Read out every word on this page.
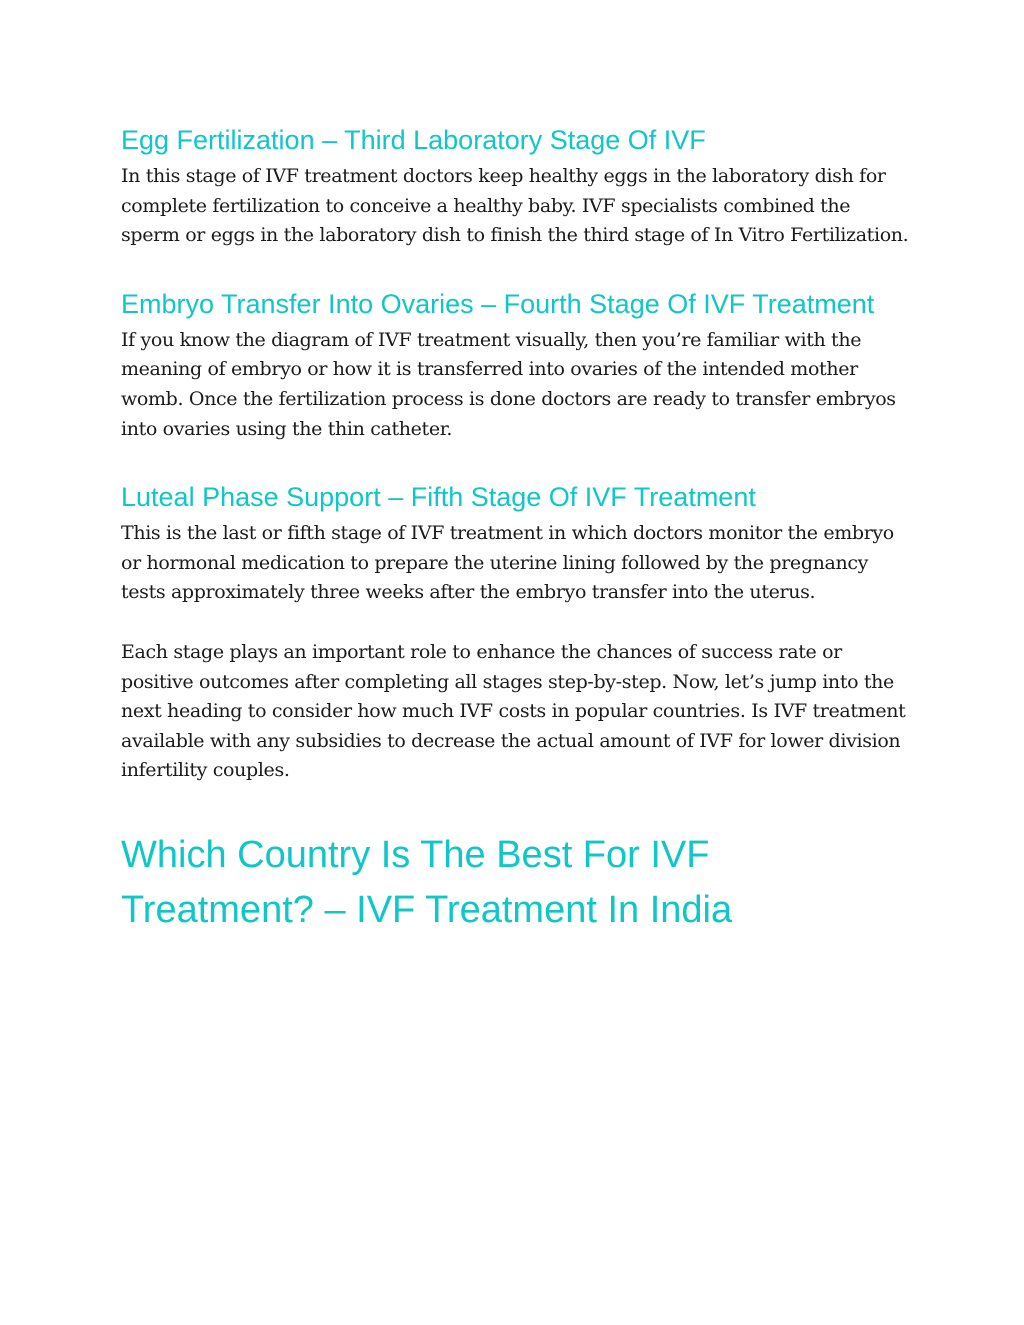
Egg Fertilization – Third Laboratory Stage Of IVF

In this stage of IVF treatment doctors keep healthy eggs in the laboratory dish for complete fertilization to conceive a healthy baby. IVF specialists combined the sperm or eggs in the laboratory dish to finish the third stage of In Vitro Fertilization.

Embryo Transfer Into Ovaries – Fourth Stage Of IVF Treatment

If you know the diagram of IVF treatment visually, then you’re familiar with the meaning of embryo or how it is transferred into ovaries of the intended mother womb. Once the fertilization process is done doctors are ready to transfer embryos into ovaries using the thin catheter.

Luteal Phase Support – Fifth Stage Of IVF Treatment

This is the last or fifth stage of IVF treatment in which doctors monitor the embryo or hormonal medication to prepare the uterine lining followed by the pregnancy tests approximately three weeks after the embryo transfer into the uterus.

Each stage plays an important role to enhance the chances of success rate or positive outcomes after completing all stages step-by-step. Now, let’s jump into the next heading to consider how much IVF costs in popular countries. Is IVF treatment available with any subsidies to decrease the actual amount of IVF for lower division infertility couples.

Which Country Is The Best For IVF Treatment? – IVF Treatment In India
